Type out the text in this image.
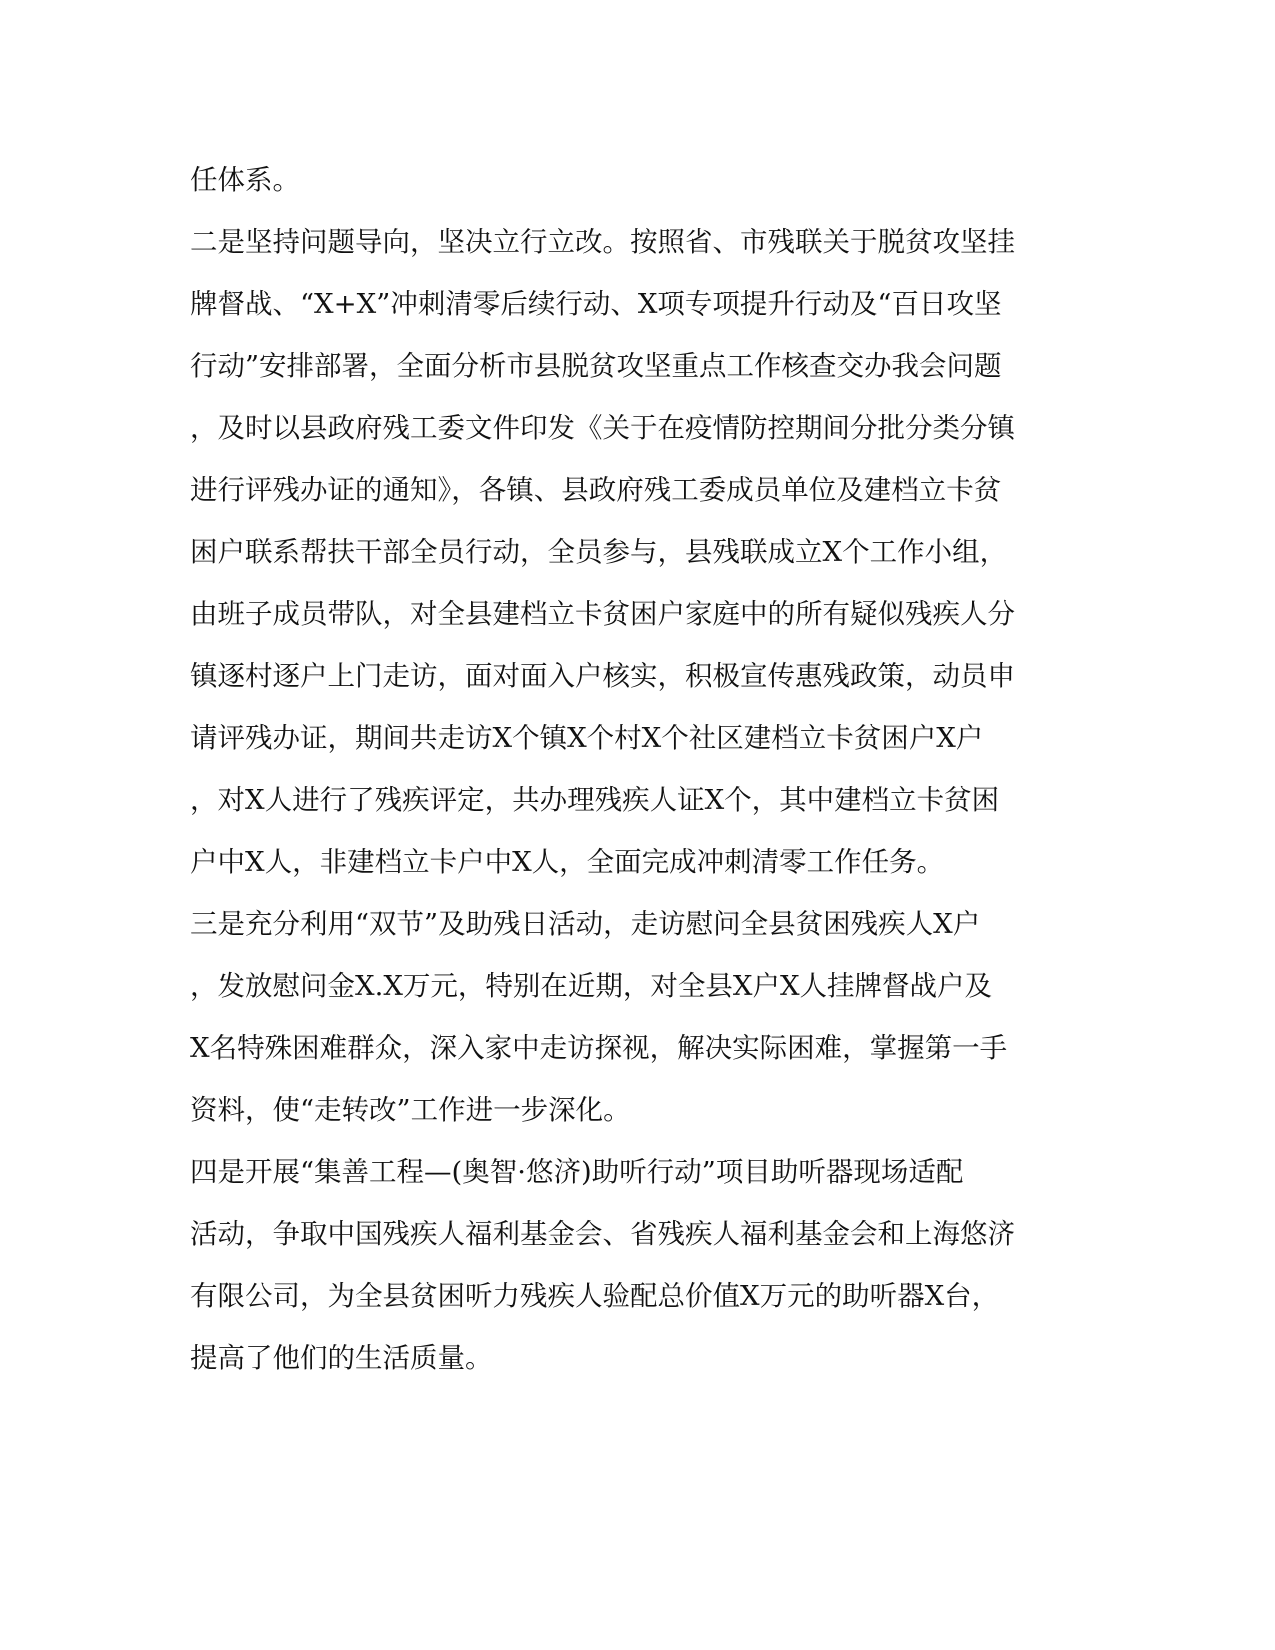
任体系。

二是坚持问题导向，坚决立行立改。按照省、市残联关于脱贫攻坚挂

牌督战、“X+X”冲刺清零后续行动、X项专项提升行动及“百日攻坚

行动”安排部署，全面分析市县脱贫攻坚重点工作核查交办我会问题

，及时以县政府残工委文件印发《关于在疫情防控期间分批分类分镇

进行评残办证的通知》，各镇、县政府残工委成员单位及建档立卡贫

困户联系帮扶干部全员行动，全员参与，县残联成立X个工作小组，

由班子成员带队，对全县建档立卡贫困户家庭中的所有疑似残疾人分

镇逐村逐户上门走访，面对面入户核实，积极宣传惠残政策，动员申

请评残办证，期间共走访X个镇X个村X个社区建档立卡贫困户X户

，对X人进行了残疾评定，共办理残疾人证X个，其中建档立卡贫困

户中X人，非建档立卡户中X人，全面完成冲刺清零工作任务。

三是充分利用“双节”及助残日活动，走访慰问全县贫困残疾人X户

，发放慰问金X.X万元，特别在近期，对全县X户X人挂牌督战户及

X名特殊困难群众，深入家中走访探视，解决实际困难，掌握第一手

资料，使“走转改”工作进一步深化。

四是开展“集善工程—(奥智·悠济)助听行动”项目助听器现场适配

活动，争取中国残疾人福利基金会、省残疾人福利基金会和上海悠济

有限公司，为全县贫困听力残疾人验配总价值X万元的助听器X台，

提高了他们的生活质量。
